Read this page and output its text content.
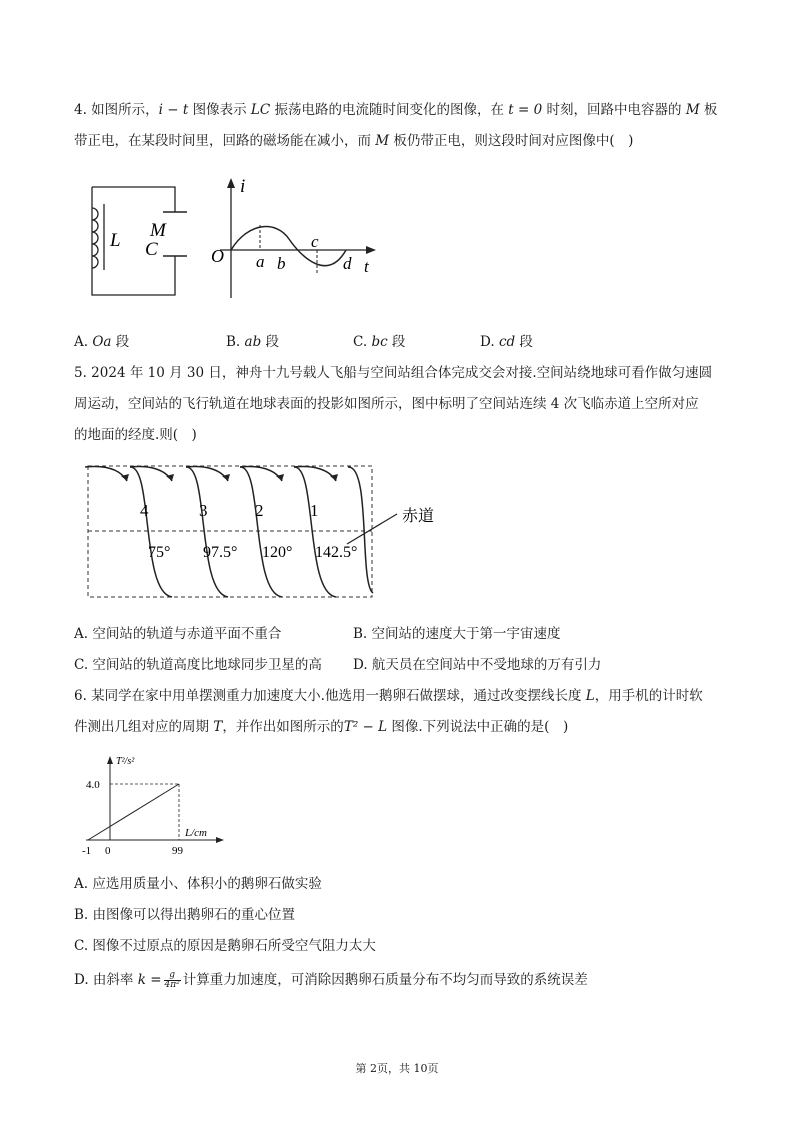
4. 如图所示，i − t 图像表示 LC 振荡电路的电流随时间变化的图像，在 t = 0 时刻，回路中电容器的 M 板
带正电，在某段时间里，回路的磁场能在减小，而 M 板仍带正电，则这段时间对应图像中(　)
L M
C
i
O a b
c
d t
A. Oa 段	B. ab 段	C. bc 段	D. cd 段
5. 2024 年 10 月 30 日，神舟十九号载人飞船与空间站组合体完成交会对接.空间站绕地球可看作做匀速圆
周运动，空间站的飞行轨道在地球表面的投影如图所示，图中标明了空间站连续 4 次飞临赤道上空所对应
的地面的经度.则(　)
4	3	2	1
75° 97.5° 120° 142.5°
赤道
A. 空间站的轨道与赤道平面不重合	B. 空间站的速度大于第一宇宙速度
C. 空间站的轨道高度比地球同步卫星的高 D. 航天员在空间站中不受地球的万有引力
6. 某同学在家中用单摆测重力加速度大小.他选用一鹅卵石做摆球，通过改变摆线长度 L，用手机的计时软
件测出几组对应的周期 T，并作出如图所示的T² − L 图像.下列说法中正确的是(　)
T²/s²
4.0
L/cm
-1 0	99
A. 应选用质量小、体积小的鹅卵石做实验
B. 由图像可以得出鹅卵石的重心位置
C. 图像不过原点的原因是鹅卵石所受空气阻力太大
D. 由斜率 $k = \frac{g}{\text{4π²}}$ 计算重力加速度，可消除因鹅卵石质量分布不均匀而导致的系统误差
第 2页，共 10页
